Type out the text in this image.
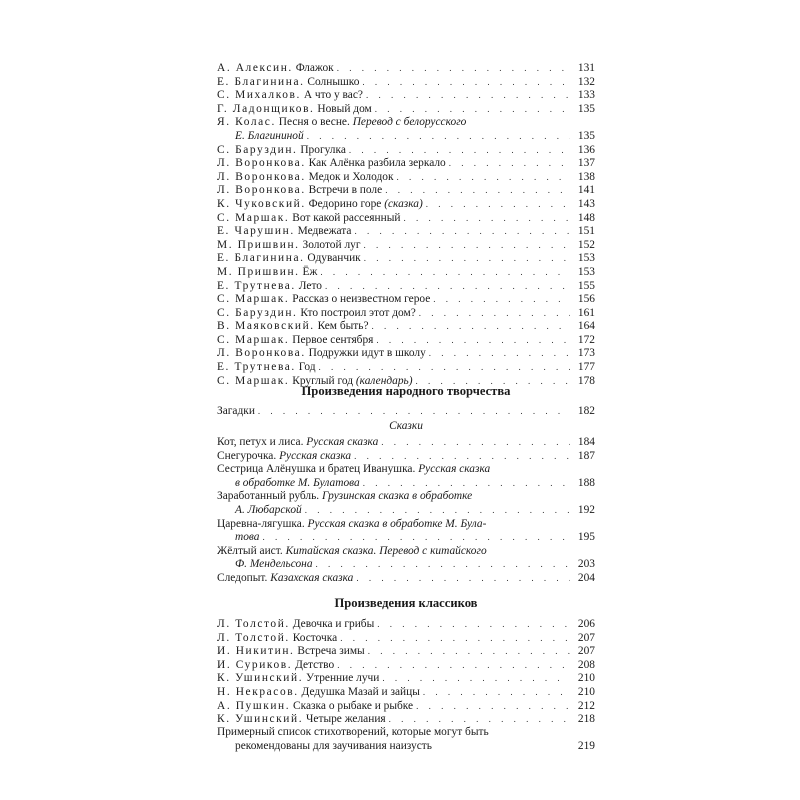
А. Алексин. Флажок . . .	131
Е. Благинина. Солнышко . . .	132
С. Михалков. А что у вас? . . .	133
Г. Ладонщиков. Новый дом . . .	135
Я. Колас. Песня о весне. Перевод с белорусского
Е. Благининой . . .	135
С. Баруздин. Прогулка . . .	136
Л. Воронкова. Как Алёнка разбила зеркало . . .	137
Л. Воронкова. Медок и Холодок . . .	138
Л. Воронкова. Встречи в поле . . .	141
К. Чуковский. Федорино горе (сказка) . . .	143
С. Маршак. Вот какой рассеянный . . .	148
Е. Чарушин. Медвежата . . .	151
М. Пришвин. Золотой луг . . .	152
Е. Благинина. Одуванчик . . .	153
М. Пришвин. Ёж . . .	153
Е. Трутнева. Лето . . .	155
С. Маршак. Рассказ о неизвестном герое . . .	156
С. Баруздин. Кто построил этот дом? . . .	161
В. Маяковский. Кем быть? . . .	164
С. Маршак. Первое сентября . . .	172
Л. Воронкова. Подружки идут в школу . . .	173
Е. Трутнева. Год . . .	177
С. Маршак. Круглый год (календарь) . . .	178
Произведения народного творчества
Загадки . . .	182
Сказки
Кот, петух и лиса. Русская сказка . . .	184
Снегурочка. Русская сказка . . .	187
Сестрица Алёнушка и братец Иванушка. Русская сказка
в обработке М. Булатова . . .	188
Заработанный рубль. Грузинская сказка в обработке
А. Любарской . . .	192
Царевна-лягушка. Русская сказка в обработке М. Була-
това . . .	195
Жёлтый аист. Китайская сказка. Перевод с китайского
Ф. Мендельсона . . .	203
Следопыт. Казахская сказка . . .	204
Произведения классиков
Л. Толстой. Девочка и грибы . . .	206
Л. Толстой. Косточка . . .	207
И. Никитин. Встреча зимы . . .	207
И. Суриков. Детство . . .	208
К. Ушинский. Утренние лучи . . .	210
Н. Некрасов. Дедушка Мазай и зайцы . . .	210
А. Пушкин. Сказка о рыбаке и рыбке . . .	212
К. Ушинский. Четыре желания . . .	218
Примерный список стихотворений, которые могут быть
рекомендованы для заучивания наизусть	219
